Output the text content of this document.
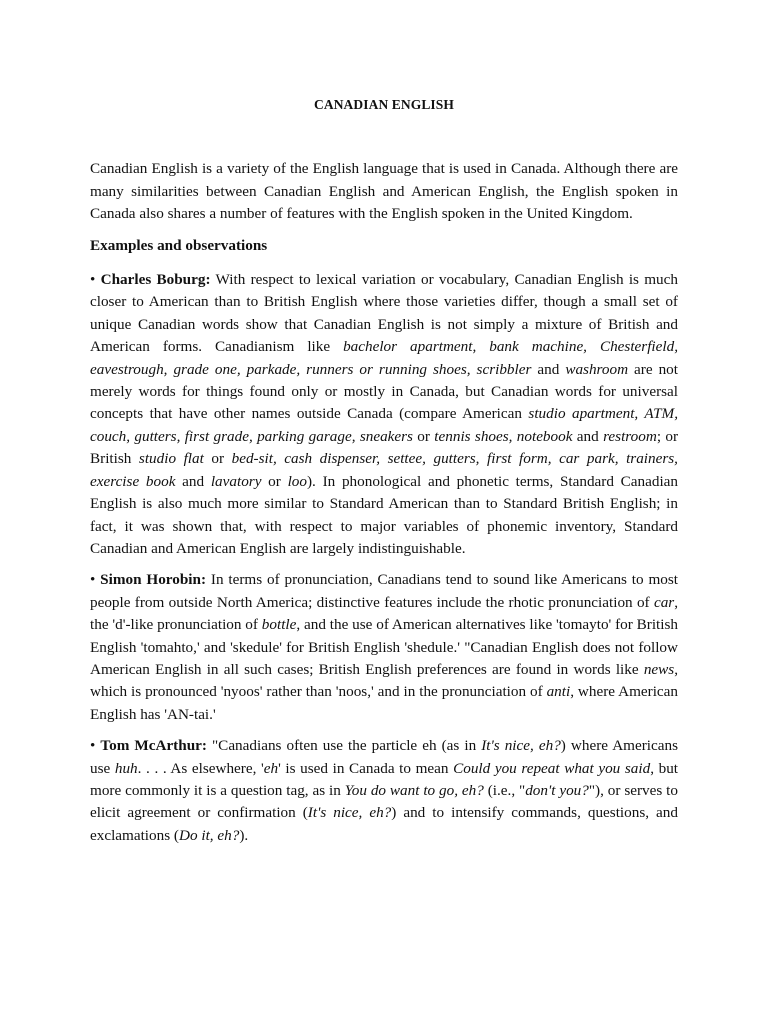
CANADIAN ENGLISH

Canadian English is a variety of the English language that is used in Canada. Although there are many similarities between Canadian English and American English, the English spoken in Canada also shares a number of features with the English spoken in the United Kingdom.

Examples and observations

• Charles Boburg: With respect to lexical variation or vocabulary, Canadian English is much closer to American than to British English where those varieties differ, though a small set of unique Canadian words show that Canadian English is not simply a mixture of British and American forms. Canadianism like bachelor apartment, bank machine, Chesterfield, eavestrough, grade one, parkade, runners or running shoes, scribbler and washroom are not merely words for things found only or mostly in Canada, but Canadian words for universal concepts that have other names outside Canada (compare American studio apartment, ATM, couch, gutters, first grade, parking garage, sneakers or tennis shoes, notebook and restroom; or British studio flat or bed-sit, cash dispenser, settee, gutters, first form, car park, trainers, exercise book and lavatory or loo). In phonological and phonetic terms, Standard Canadian English is also much more similar to Standard American than to Standard British English; in fact, it was shown that, with respect to major variables of phonemic inventory, Standard Canadian and American English are largely indistinguishable.

• Simon Horobin: In terms of pronunciation, Canadians tend to sound like Americans to most people from outside North America; distinctive features include the rhotic pronunciation of car, the 'd'-like pronunciation of bottle, and the use of American alternatives like 'tomayto' for British English 'tomahto,' and 'skedule' for British English 'shedule.' "Canadian English does not follow American English in all such cases; British English preferences are found in words like news, which is pronounced 'nyoos' rather than 'noos,' and in the pronunciation of anti, where American English has 'AN-tai.'

• Tom McArthur: "Canadians often use the particle eh (as in It's nice, eh?) where Americans use huh. . . . As elsewhere, 'eh' is used in Canada to mean Could you repeat what you said, but more commonly it is a question tag, as in You do want to go, eh? (i.e., "don't you?"), or serves to elicit agreement or confirmation (It's nice, eh?) and to intensify commands, questions, and exclamations (Do it, eh?).
